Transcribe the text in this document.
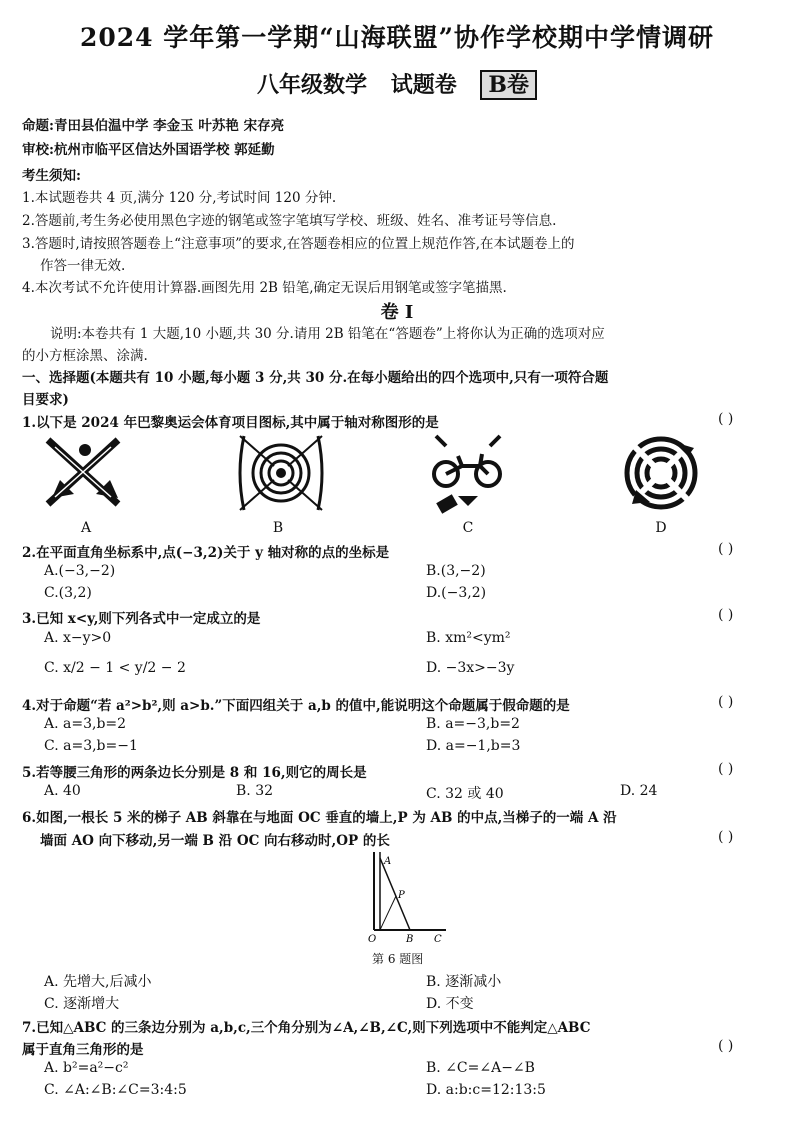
2024 学年第一学期“山海联盟”协作学校期中学情调研
八年级数学 试题卷 B卷
命题:青田县伯温中学 李金玉 叶苏艳 宋存亮
审校:杭州市临平区信达外国语学校 郭延勤
考生须知:
1.本试题卷共 4 页,满分 120 分,考试时间 120 分钟.
2.答题前,考生务必使用黑色字迹的钢笔或签字笔填写学校、班级、姓名、准考证号等信息.
3.答题时,请按照答题卷上“注意事项”的要求,在答题卷相应的位置上规范作答,在本试题卷上的
作答一律无效.
4.本次考试不允许使用计算器.画图先用 2B 铅笔,确定无误后用钢笔或签字笔描黑.
卷 Ⅰ
说明:本卷共有 1 大题,10 小题,共 30 分.请用 2B 铅笔在“答题卷”上将你认为正确的选项对应
的小方框涂黑、涂满.
一、选择题(本题共有 10 小题,每小题 3 分,共 30 分.在每小题给出的四个选项中,只有一项符合题
目要求)
1.以下是 2024 年巴黎奥运会体育项目图标,其中属于轴对称图形的是	( )
A	B	C	D
2.在平面直角坐标系中,点(−3,2)关于 y 轴对称的点的坐标是	( )
A.(−3,−2)	B.(3,−2)
C.(3,2)	D.(−3,2)
3.已知 x<y,则下列各式中一定成立的是	( )
A. x−y>0	B. xm²<ym²
C. x/2 − 1 < y/2 − 2	D. −3x>−3y
4.对于命题“若 a²>b²,则 a>b.”下面四组关于 a,b 的值中,能说明这个命题属于假命题的是	( )
A. a=3,b=2	B. a=−3,b=2
C. a=3,b=−1	D. a=−1,b=3
5.若等腰三角形的两条边长分别是 8 和 16,则它的周长是	( )
A. 40	B. 32	C. 32 或 40	D. 24
6.如图,一根长 5 米的梯子 AB 斜靠在与地面 OC 垂直的墙上,P 为 AB 的中点,当梯子的一端 A 沿
墙面 AO 向下移动,另一端 B 沿 OC 向右移动时,OP 的长	( )
A
P
O	B C
第 6 题图
A. 先增大,后减小	B. 逐渐减小
C. 逐渐增大	D. 不变
7.已知△ABC 的三条边分别为 a,b,c,三个角分别为∠A,∠B,∠C,则下列选项中不能判定△ABC
属于直角三角形的是	( )
A. b²=a²−c²	B. ∠C=∠A−∠B
C. ∠A:∠B:∠C=3:4:5	D. a:b:c=12:13:5
